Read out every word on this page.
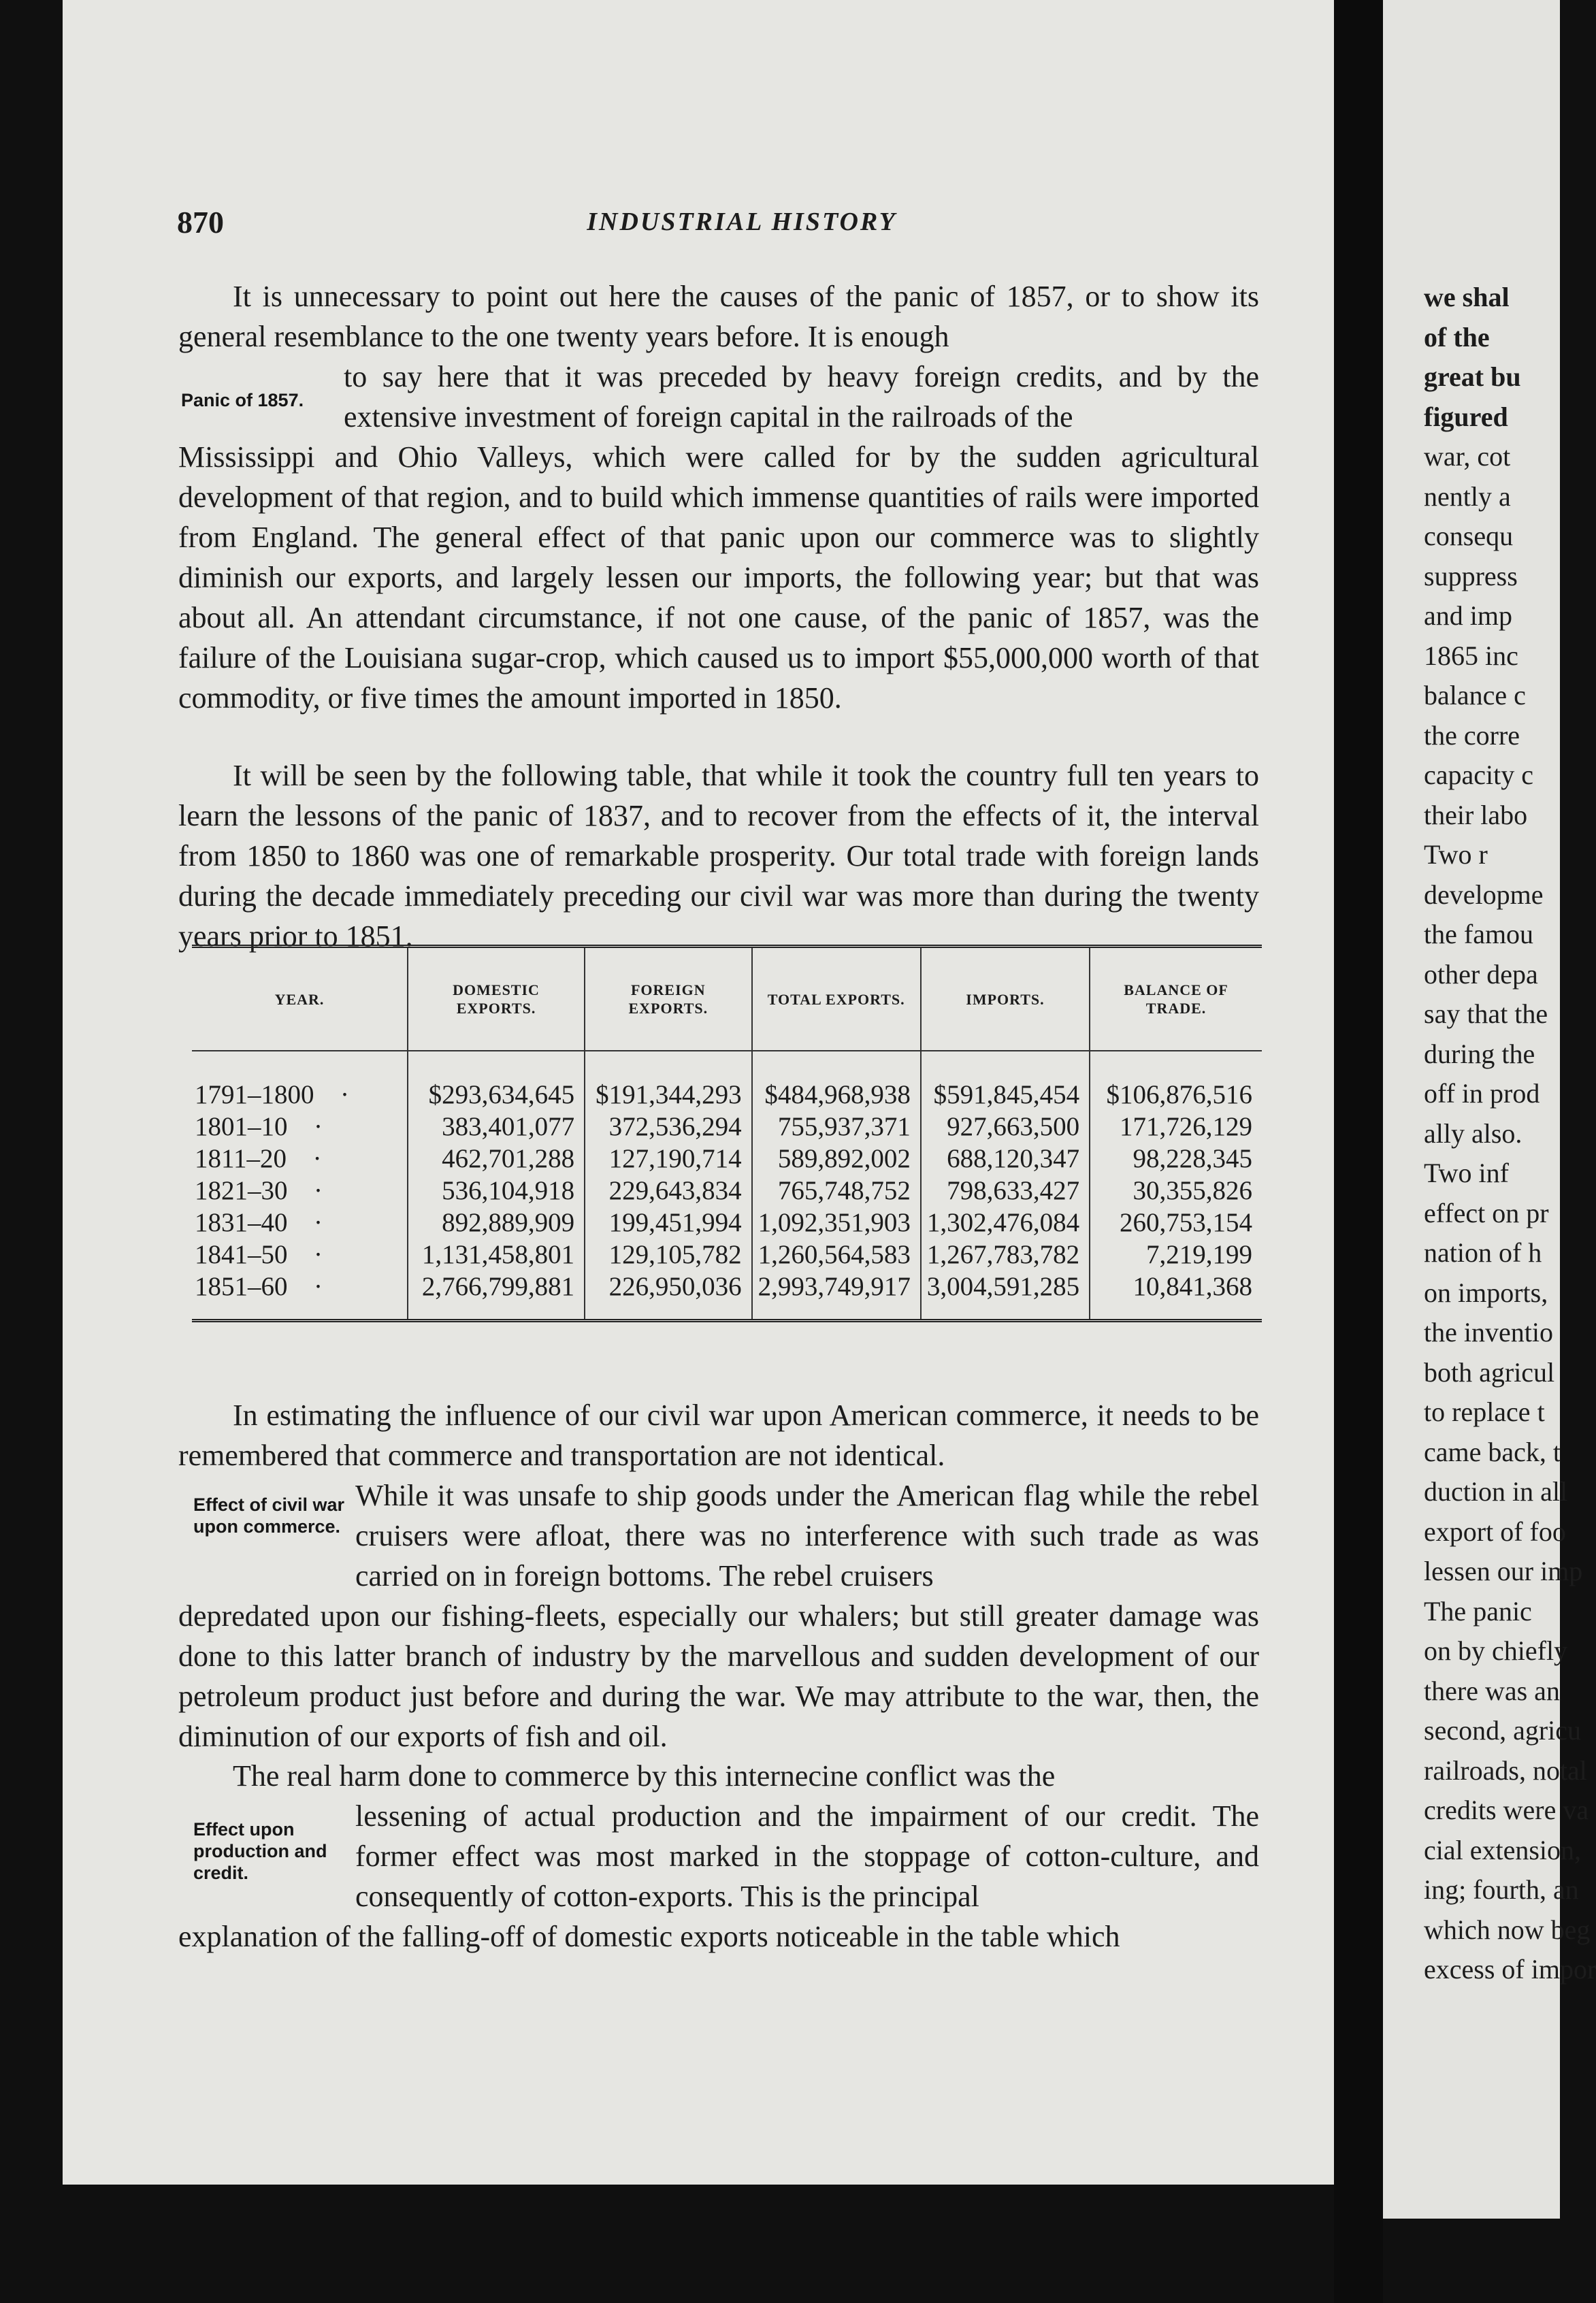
870	INDUSTRIAL HISTORY
It is unnecessary to point out here the causes of the panic of 1857, or to show its general resemblance to the one twenty years before. It is enough
Panic of 1857.
to say here that it was preceded by heavy foreign credits, and by the extensive investment of foreign capital in the railroads of the
Mississippi and Ohio Valleys, which were called for by the sudden agricultural development of that region, and to build which immense quantities of rails were imported from England. The general effect of that panic upon our commerce was to slightly diminish our exports, and largely lessen our imports, the following year; but that was about all. An attendant circumstance, if not one cause, of the panic of 1857, was the failure of the Louisiana sugar-crop, which caused us to import $55,000,000 worth of that commodity, or five times the amount imported in 1850.
It will be seen by the following table, that while it took the country full ten years to learn the lessons of the panic of 1837, and to recover from the effects of it, the interval from 1850 to 1860 was one of remarkable prosperity. Our total trade with foreign lands during the decade immediately preceding our civil war was more than during the twenty years prior to 1851.
YEAR.	DOMESTIC EXPORTS.	FOREIGN EXPORTS.	TOTAL EXPORTS.	IMPORTS.	BALANCE OF TRADE.
1791–1800 ·	$293,634,645	$191,344,293	$484,968,938	$591,845,454	$106,876,516
1801–10 ·	383,401,077	372,536,294	755,937,371	927,663,500	171,726,129
1811–20 ·	462,701,288	127,190,714	589,892,002	688,120,347	98,228,345
1821–30 ·	536,104,918	229,643,834	765,748,752	798,633,427	30,355,826
1831–40 ·	892,889,909	199,451,994	1,092,351,903	1,302,476,084	260,753,154
1841–50 ·	1,131,458,801	129,105,782	1,260,564,583	1,267,783,782	7,219,199
1851–60 ·	2,766,799,881	226,950,036	2,993,749,917	3,004,591,285	10,841,368
In estimating the influence of our civil war upon American commerce, it needs to be remembered that commerce and transportation are not identical.
Effect of civil war upon commerce.
While it was unsafe to ship goods under the American flag while the rebel cruisers were afloat, there was no interference with such trade as was carried on in foreign bottoms. The rebel cruisers
depredated upon our fishing-fleets, especially our whalers; but still greater damage was done to this latter branch of industry by the marvellous and sudden development of our petroleum product just before and during the war. We may attribute to the war, then, the diminution of our exports of fish and oil.
The real harm done to commerce by this internecine conflict was the
Effect upon production and credit.
lessening of actual production and the impairment of our credit. The former effect was most marked in the stoppage of cotton-culture, and consequently of cotton-exports. This is the principal
explanation of the falling-off of domestic exports noticeable in the table which
we shal
of the
great bu
figured
war, cot
nently a
consequ
suppress
and imp
1865 inc
balance c
the corre
capacity c
their labo
Two r
developme
the famou
other depa
say that the
during the
off in prod
ally also.
Two inf
effect on pr
nation of h
on imports,
the inventio
both agricul
to replace t
came back, t
duction in all
export of foo
lessen our imp
The panic
on by chiefly
there was an
second, agricu
railroads, notal
credits were va
cial extension,
ing; fourth, an
which now beg
excess of impor
